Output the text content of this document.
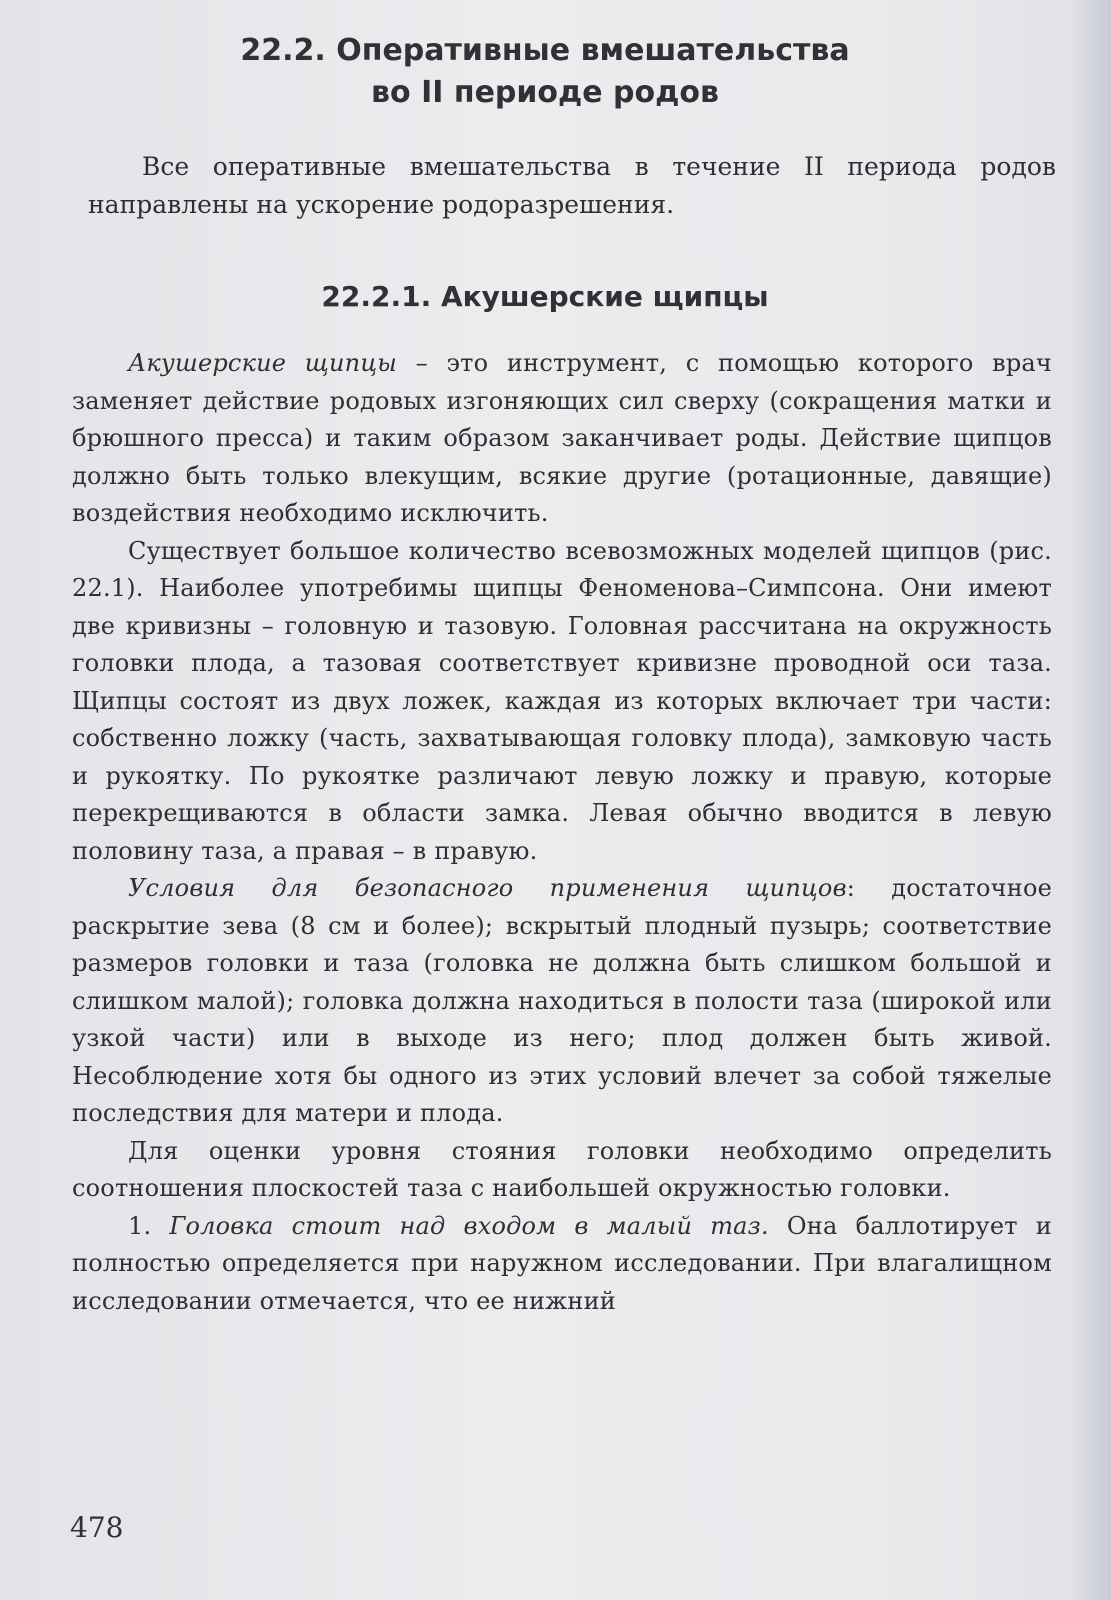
22.2. Оперативные вмешательства
во II периоде родов
Все оперативные вмешательства в течение II периода родов
направлены на ускорение родоразрешения.
22.2.1. Акушерские щипцы

Акушерские щипцы – это инструмент, с помощью которого врач заменяет действие родовых изгоняющих сил сверху (сокращения матки и брюшного пресса) и таким образом заканчивает роды. Действие щипцов должно быть только влекущим, всякие другие (ротационные, давящие) воздействия необходимо исключить.

Существует большое количество всевозможных моделей щипцов (рис. 22.1). Наиболее употребимы щипцы Феноменова–Симпсона. Они имеют две кривизны – головную и тазовую. Головная рассчитана на окружность головки плода, а тазовая соответствует кривизне проводной оси таза. Щипцы состоят из двух ложек, каждая из которых включает три части: собственно ложку (часть, захватывающая головку плода), замковую часть и рукоятку. По рукоятке различают левую ложку и правую, которые перекрещиваются в области замка. Левая обычно вводится в левую половину таза, а правая – в правую.

Условия для безопасного применения щипцов: достаточное раскрытие зева (8 см и более); вскрытый плодный пузырь; соответствие размеров головки и таза (головка не должна быть слишком большой и слишком малой); головка должна находиться в полости таза (широкой или узкой части) или в выходе из него; плод должен быть живой. Несоблюдение хотя бы одного из этих условий влечет за собой тяжелые последствия для матери и плода.

Для оценки уровня стояния головки необходимо определить соотношения плоскостей таза с наибольшей окружностью головки.

1. Головка стоит над входом в малый таз. Она баллотирует и полностью определяется при наружном исследовании. При влагалищном исследовании отмечается, что ее нижний

478
